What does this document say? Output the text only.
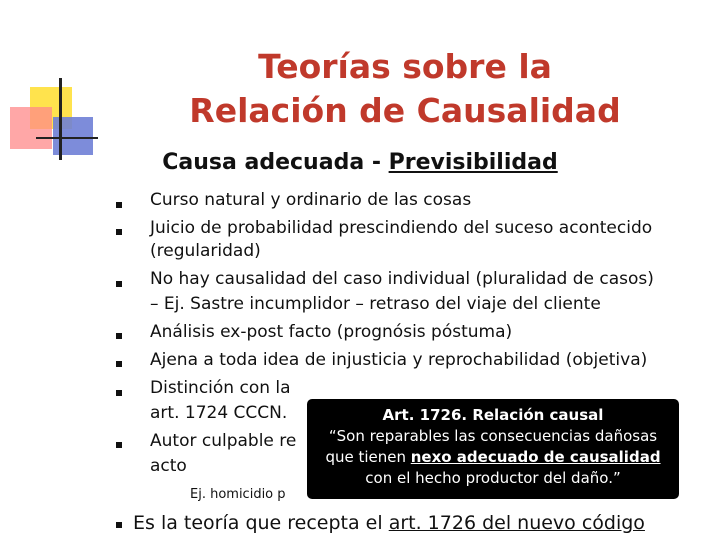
Teorías sobre la
Relación de Causalidad
Causa adecuada - Previsibilidad
Curso natural y ordinario de las cosas
Juicio de probabilidad prescindiendo del suceso acontecido
(regularidad)
No hay causalidad del caso individual (pluralidad de casos)
– Ej. Sastre incumplidor – retraso del viaje del cliente
Análisis ex-post facto (prognósis póstuma)
Ajena a toda idea de injusticia y reprochabilidad (objetiva)
Distinción con la
art. 1724 CCCN.
Autor culpable re
acto
Ej. homicidio p
Art. 1726. Relación causal
“Son reparables las consecuencias dañosas
que tienen nexo adecuado de causalidad
con el hecho productor del daño.”
Es la teoría que recepta el art. 1726 del nuevo código
